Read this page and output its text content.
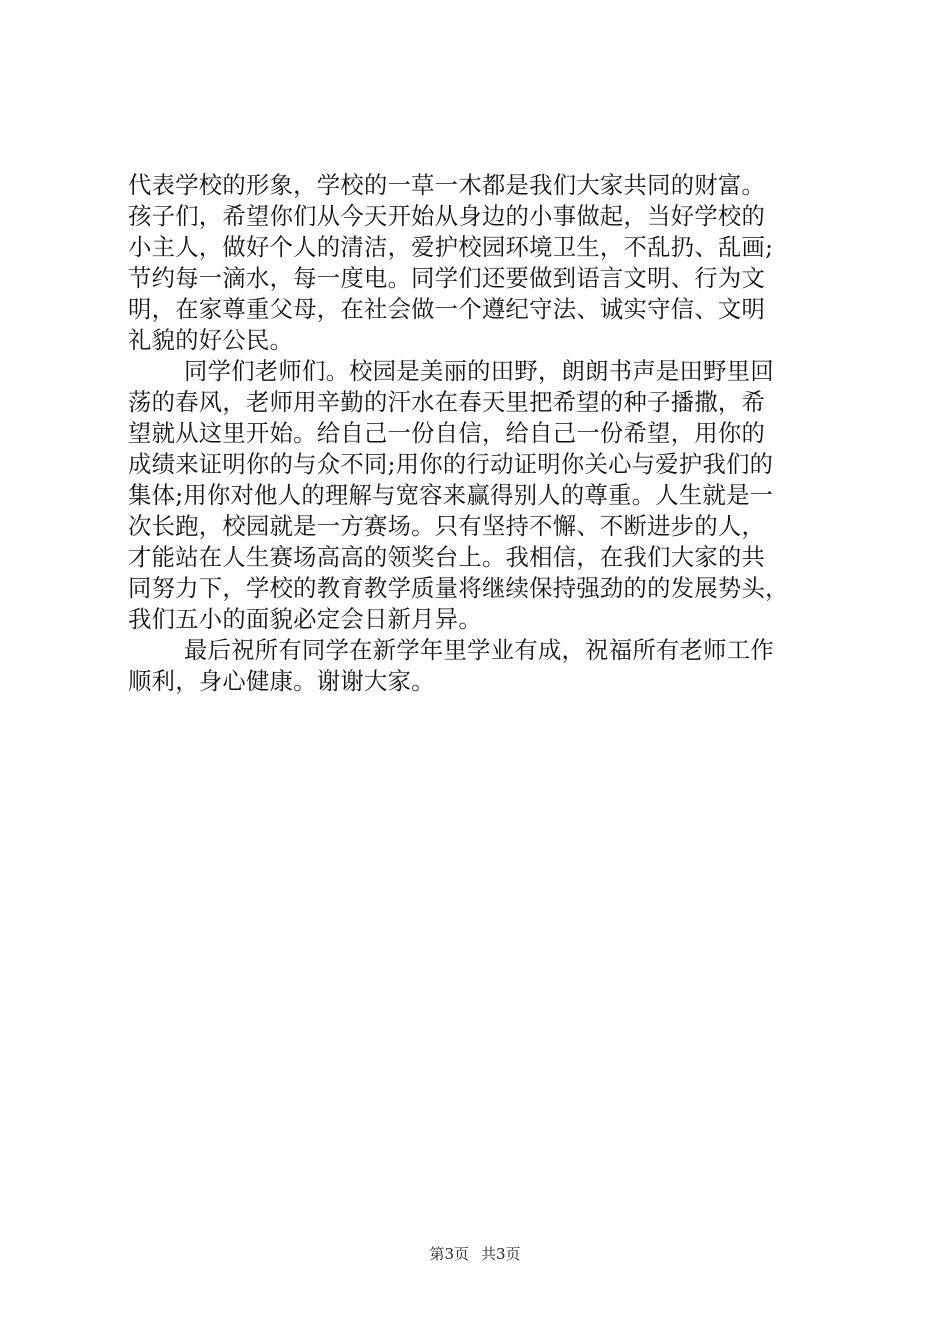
代表学校的形象，学校的一草一木都是我们大家共同的财富。
孩子们，希望你们从今天开始从身边的小事做起，当好学校的
小主人，做好个人的清洁，爱护校园环境卫生，不乱扔、乱画;
节约每一滴水，每一度电。同学们还要做到语言文明、行为文
明，在家尊重父母，在社会做一个遵纪守法、诚实守信、文明
礼貌的好公民。
同学们老师们。校园是美丽的田野，朗朗书声是田野里回
荡的春风，老师用辛勤的汗水在春天里把希望的种子播撒，希
望就从这里开始。给自己一份自信，给自己一份希望，用你的
成绩来证明你的与众不同;用你的行动证明你关心与爱护我们的
集体;用你对他人的理解与宽容来赢得别人的尊重。人生就是一
次长跑，校园就是一方赛场。只有坚持不懈、不断进步的人，
才能站在人生赛场高高的领奖台上。我相信，在我们大家的共
同努力下，学校的教育教学质量将继续保持强劲的的发展势头，
我们五小的面貌必定会日新月异。
最后祝所有同学在新学年里学业有成，祝福所有老师工作
顺利，身心健康。谢谢大家。
第3页 共3页
